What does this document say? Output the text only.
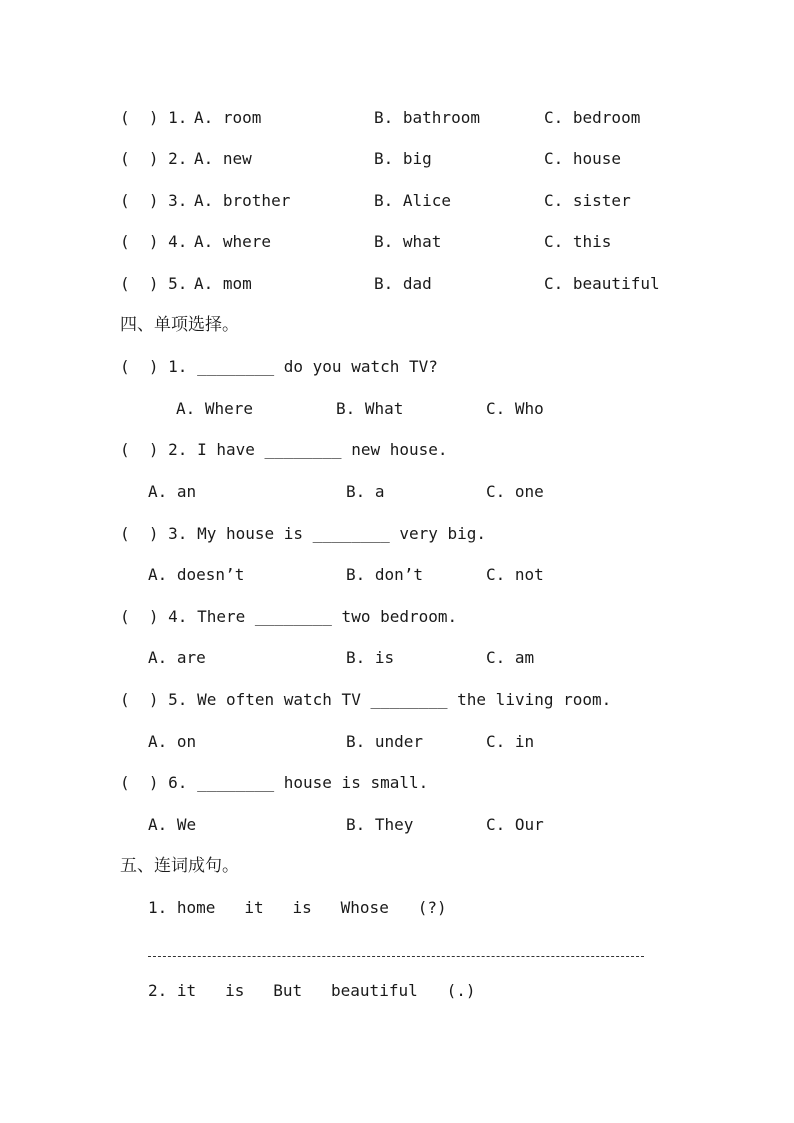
(  ) 1. A. room	B. bathroom	C. bedroom
(  ) 2. A. new	B. big	C. house
(  ) 3. A. brother	B. Alice	C. sister
(  ) 4. A. where	B. what	C. this
(  ) 5. A. mom	B. dad	C. beautiful
四、单项选择。
(  ) 1. ________ do you watch TV?
A. Where	B. What	C. Who
(  ) 2. I have ________ new house.
A. an	B. a	C. one
(  ) 3. My house is ________ very big.
A. doesn’t	B. don’t	C. not
(  ) 4. There ________ two bedroom.
A. are	B. is	C. am
(  ) 5. We often watch TV ________ the living room.
A. on	B. under	C. in
(  ) 6. ________ house is small.
A. We	B. They	C. Our
五、连词成句。
1. home   it   is   Whose   (?)
2. it   is   But   beautiful   (.)
